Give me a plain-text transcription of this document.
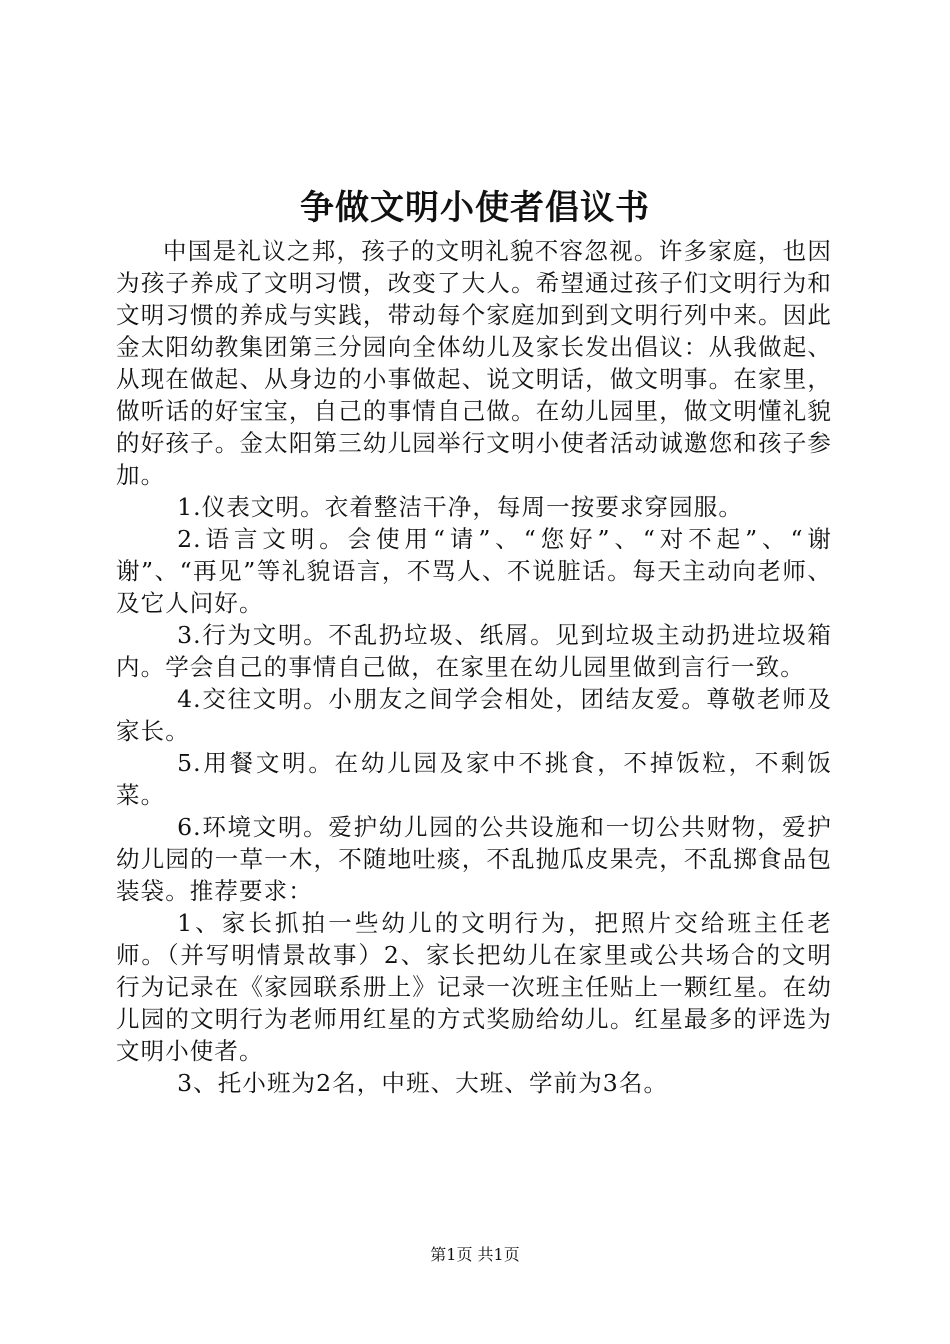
争做文明小使者倡议书

中国是礼议之邦，孩子的文明礼貌不容忽视。许多家庭，也因为孩子养成了文明习惯，改变了大人。希望通过孩子们文明行为和文明习惯的养成与实践，带动每个家庭加到到文明行列中来。因此金太阳幼教集团第三分园向全体幼儿及家长发出倡议：从我做起、从现在做起、从身边的小事做起、说文明话，做文明事。在家里，做听话的好宝宝，自己的事情自己做。在幼儿园里，做文明懂礼貌的好孩子。金太阳第三幼儿园举行文明小使者活动诚邀您和孩子参加。

1.仪表文明。衣着整洁干净，每周一按要求穿园服。

2.语言文明。会使用“请”、“您好”、“对不起”、“谢谢”、“再见”等礼貌语言，不骂人、不说脏话。每天主动向老师、及它人问好。

3.行为文明。不乱扔垃圾、纸屑。见到垃圾主动扔进垃圾箱内。学会自己的事情自己做，在家里在幼儿园里做到言行一致。

4.交往文明。小朋友之间学会相处，团结友爱。尊敬老师及家长。

5.用餐文明。在幼儿园及家中不挑食，不掉饭粒，不剩饭菜。

6.环境文明。爱护幼儿园的公共设施和一切公共财物，爱护幼儿园的一草一木，不随地吐痰，不乱抛瓜皮果壳，不乱掷食品包装袋。推荐要求：

1、家长抓拍一些幼儿的文明行为，把照片交给班主任老师。（并写明情景故事）2、家长把幼儿在家里或公共场合的文明行为记录在《家园联系册上》记录一次班主任贴上一颗红星。在幼儿园的文明行为老师用红星的方式奖励给幼儿。红星最多的评选为文明小使者。

3、托小班为2名，中班、大班、学前为3名。

第1页 共1页
